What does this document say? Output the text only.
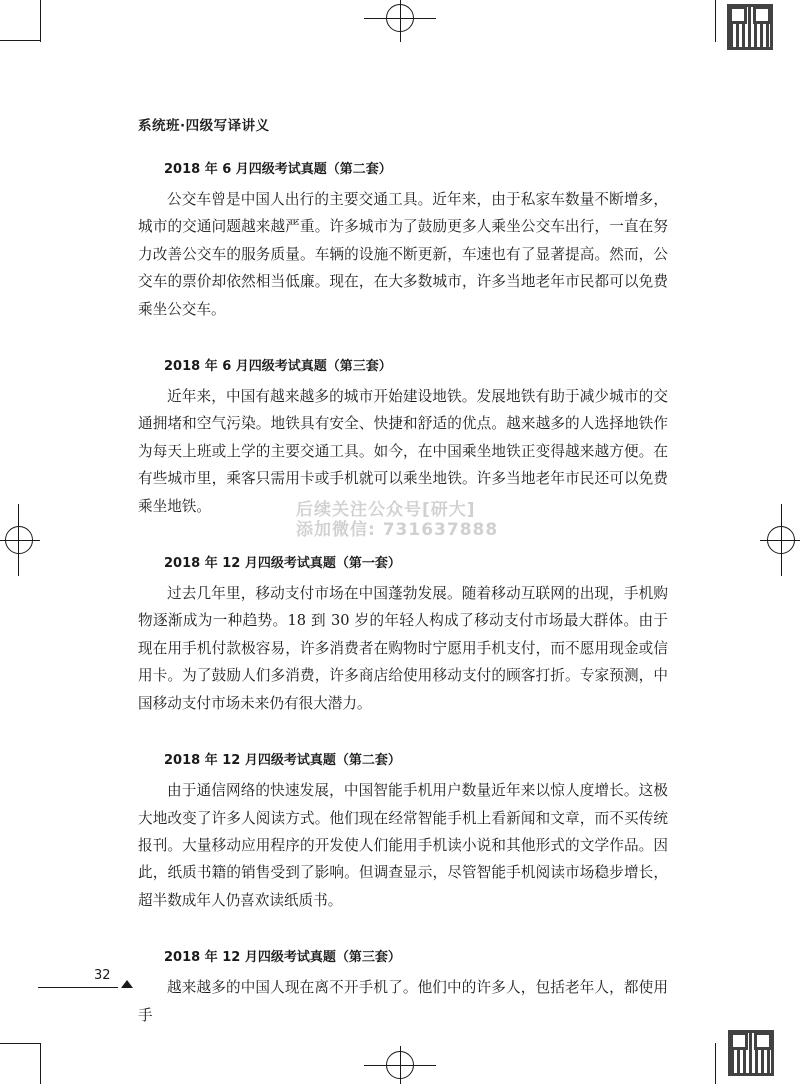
系统班·四级写译讲义

2018 年 6 月四级考试真题（第二套）

公交车曾是中国人出行的主要交通工具。近年来，由于私家车数量不断增多，城市的交通问题越来越严重。许多城市为了鼓励更多人乘坐公交车出行，一直在努力改善公交车的服务质量。车辆的设施不断更新，车速也有了显著提高。然而，公交车的票价却依然相当低廉。现在，在大多数城市，许多当地老年市民都可以免费乘坐公交车。

2018 年 6 月四级考试真题（第三套）

近年来，中国有越来越多的城市开始建设地铁。发展地铁有助于减少城市的交通拥堵和空气污染。地铁具有安全、快捷和舒适的优点。越来越多的人选择地铁作为每天上班或上学的主要交通工具。如今，在中国乘坐地铁正变得越来越方便。在有些城市里，乘客只需用卡或手机就可以乘坐地铁。许多当地老年市民还可以免费乘坐地铁。

2018 年 12 月四级考试真题（第一套）

过去几年里，移动支付市场在中国蓬勃发展。随着移动互联网的出现，手机购物逐渐成为一种趋势。18 到 30 岁的年轻人构成了移动支付市场最大群体。由于现在用手机付款极容易，许多消费者在购物时宁愿用手机支付，而不愿用现金或信用卡。为了鼓励人们多消费，许多商店给使用移动支付的顾客打折。专家预测，中国移动支付市场未来仍有很大潜力。

2018 年 12 月四级考试真题（第二套）

由于通信网络的快速发展，中国智能手机用户数量近年来以惊人度增长。这极大地改变了许多人阅读方式。他们现在经常智能手机上看新闻和文章，而不买传统报刊。大量移动应用程序的开发使人们能用手机读小说和其他形式的文学作品。因此，纸质书籍的销售受到了影响。但调查显示，尽管智能手机阅读市场稳步增长，超半数成年人仍喜欢读纸质书。

2018 年 12 月四级考试真题（第三套）

越来越多的中国人现在离不开手机了。他们中的许多人，包括老年人，都使用手

后续关注公众号[研大]
添加微信: 731637888
32
